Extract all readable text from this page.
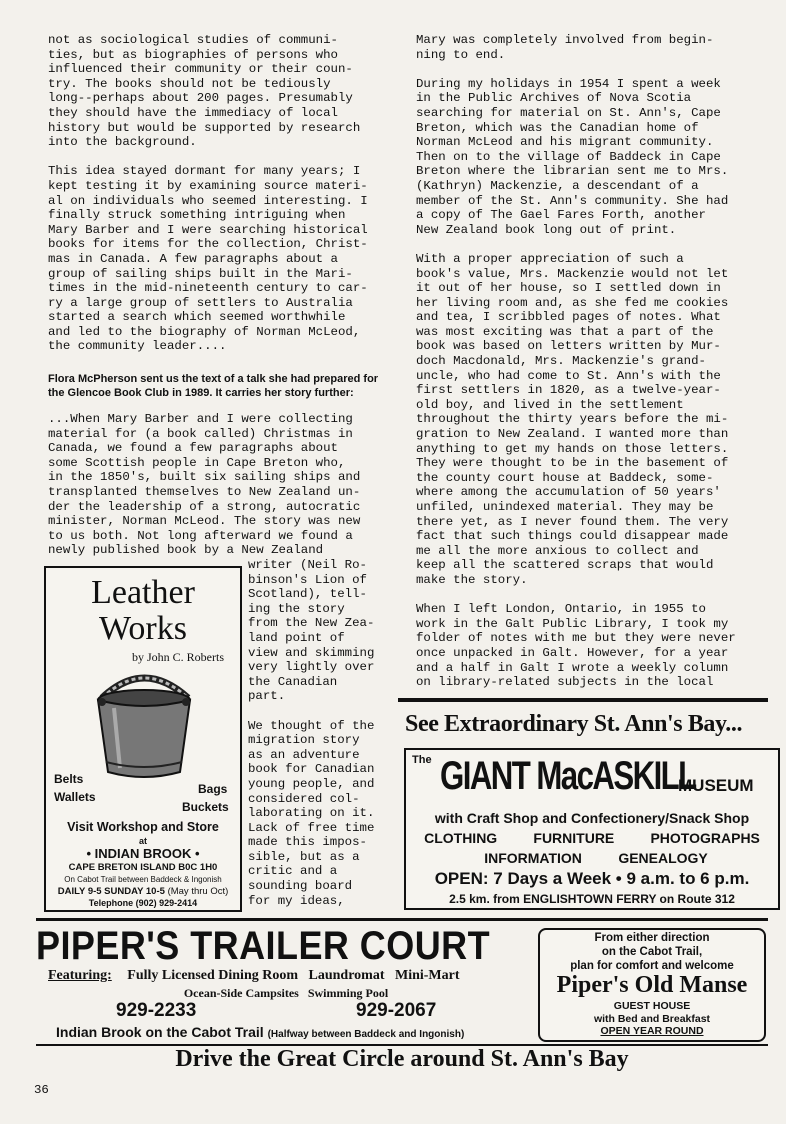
not as sociological studies of communi-
ties, but as biographies of persons who
influenced their community or their coun-
try. The books should not be tediously
long--perhaps about 200 pages. Presumably
they should have the immediacy of local
history but would be supported by research
into the background.

This idea stayed dormant for many years; I
kept testing it by examining source materi-
al on individuals who seemed interesting. I
finally struck something intriguing when
Mary Barber and I were searching historical
books for items for the collection, Christ-
mas in Canada. A few paragraphs about a
group of sailing ships built in the Mari-
times in the mid-nineteenth century to car-
ry a large group of settlers to Australia
started a search which seemed worthwhile
and led to the biography of Norman McLeod,
the community leader....
Flora McPherson sent us the text of a talk she had prepared for
the Glencoe Book Club in 1989. It carries her story further:
...When Mary Barber and I were collecting
material for (a book called) Christmas in
Canada, we found a few paragraphs about
some Scottish people in Cape Breton who,
in the 1850's, built six sailing ships and
transplanted themselves to New Zealand un-
der the leadership of a strong, autocratic
minister, Norman McLeod. The story was new
to us both. Not long afterward we found a
newly published book by a New Zealand
writer (Neil Ro-
binson's Lion of
Scotland), tell-
ing the story
from the New Zea-
land point of
view and skimming
very lightly over
the Canadian
part.

We thought of the
migration story
as an adventure
book for Canadian
young people, and
considered col-
laborating on it.
Lack of free time
made this impos-
sible, but as a
critic and a
sounding board
for my ideas,
Mary was completely involved from begin-
ning to end.

During my holidays in 1954 I spent a week
in the Public Archives of Nova Scotia
searching for material on St. Ann's, Cape
Breton, which was the Canadian home of
Norman McLeod and his migrant community.
Then on to the village of Baddeck in Cape
Breton where the librarian sent me to Mrs.
(Kathryn) Mackenzie, a descendant of a
member of the St. Ann's community. She had
a copy of The Gael Fares Forth, another
New Zealand book long out of print.

With a proper appreciation of such a
book's value, Mrs. Mackenzie would not let
it out of her house, so I settled down in
her living room and, as she fed me cookies
and tea, I scribbled pages of notes. What
was most exciting was that a part of the
book was based on letters written by Mur-
doch Macdonald, Mrs. Mackenzie's grand-
uncle, who had come to St. Ann's with the
first settlers in 1820, as a twelve-year-
old boy, and lived in the settlement
throughout the thirty years before the mi-
gration to New Zealand. I wanted more than
anything to get my hands on those letters.
They were thought to be in the basement of
the county court house at Baddeck, some-
where among the accumulation of 50 years'
unfiled, unindexed material. They may be
there yet, as I never found them. The very
fact that such things could disappear made
me all the more anxious to collect and
keep all the scattered scraps that would
make the story.

When I left London, Ontario, in 1955 to
work in the Galt Public Library, I took my
folder of notes with me but they were never
once unpacked in Galt. However, for a year
and a half in Galt I wrote a weekly column
on library-related subjects in the local
Leather
Works
by John C. Roberts
Belts
Wallets
Bags
Buckets
Visit Workshop and Store
at
• INDIAN BROOK •
CAPE BRETON ISLAND B0C 1H0
On Cabot Trail between Baddeck & Ingonish
DAILY 9-5 SUNDAY 10-5 (May thru Oct)
Telephone (902) 929-2414
See Extraordinary St. Ann's Bay...
The GIANT MacASKILL
MUSEUM
with Craft Shop and Confectionery/Snack Shop
CLOTHING	FURNITURE	PHOTOGRAPHS
INFORMATION	GENEALOGY
OPEN: 7 Days a Week • 9 a.m. to 6 p.m.
2.5 km. from ENGLISHTOWN FERRY on Route 312
PIPER'S TRAILER COURT
Featuring: Fully Licensed Dining Room   Laundromat   Mini-Mart
Ocean-Side Campsites   Swimming Pool
929-2233	929-2067
Indian Brook on the Cabot Trail (Halfway between Baddeck and Ingonish)
From either direction
on the Cabot Trail,
plan for comfort and welcome
Piper's Old Manse
GUEST HOUSE
with Bed and Breakfast
OPEN YEAR ROUND
Drive the Great Circle around St. Ann's Bay
36
